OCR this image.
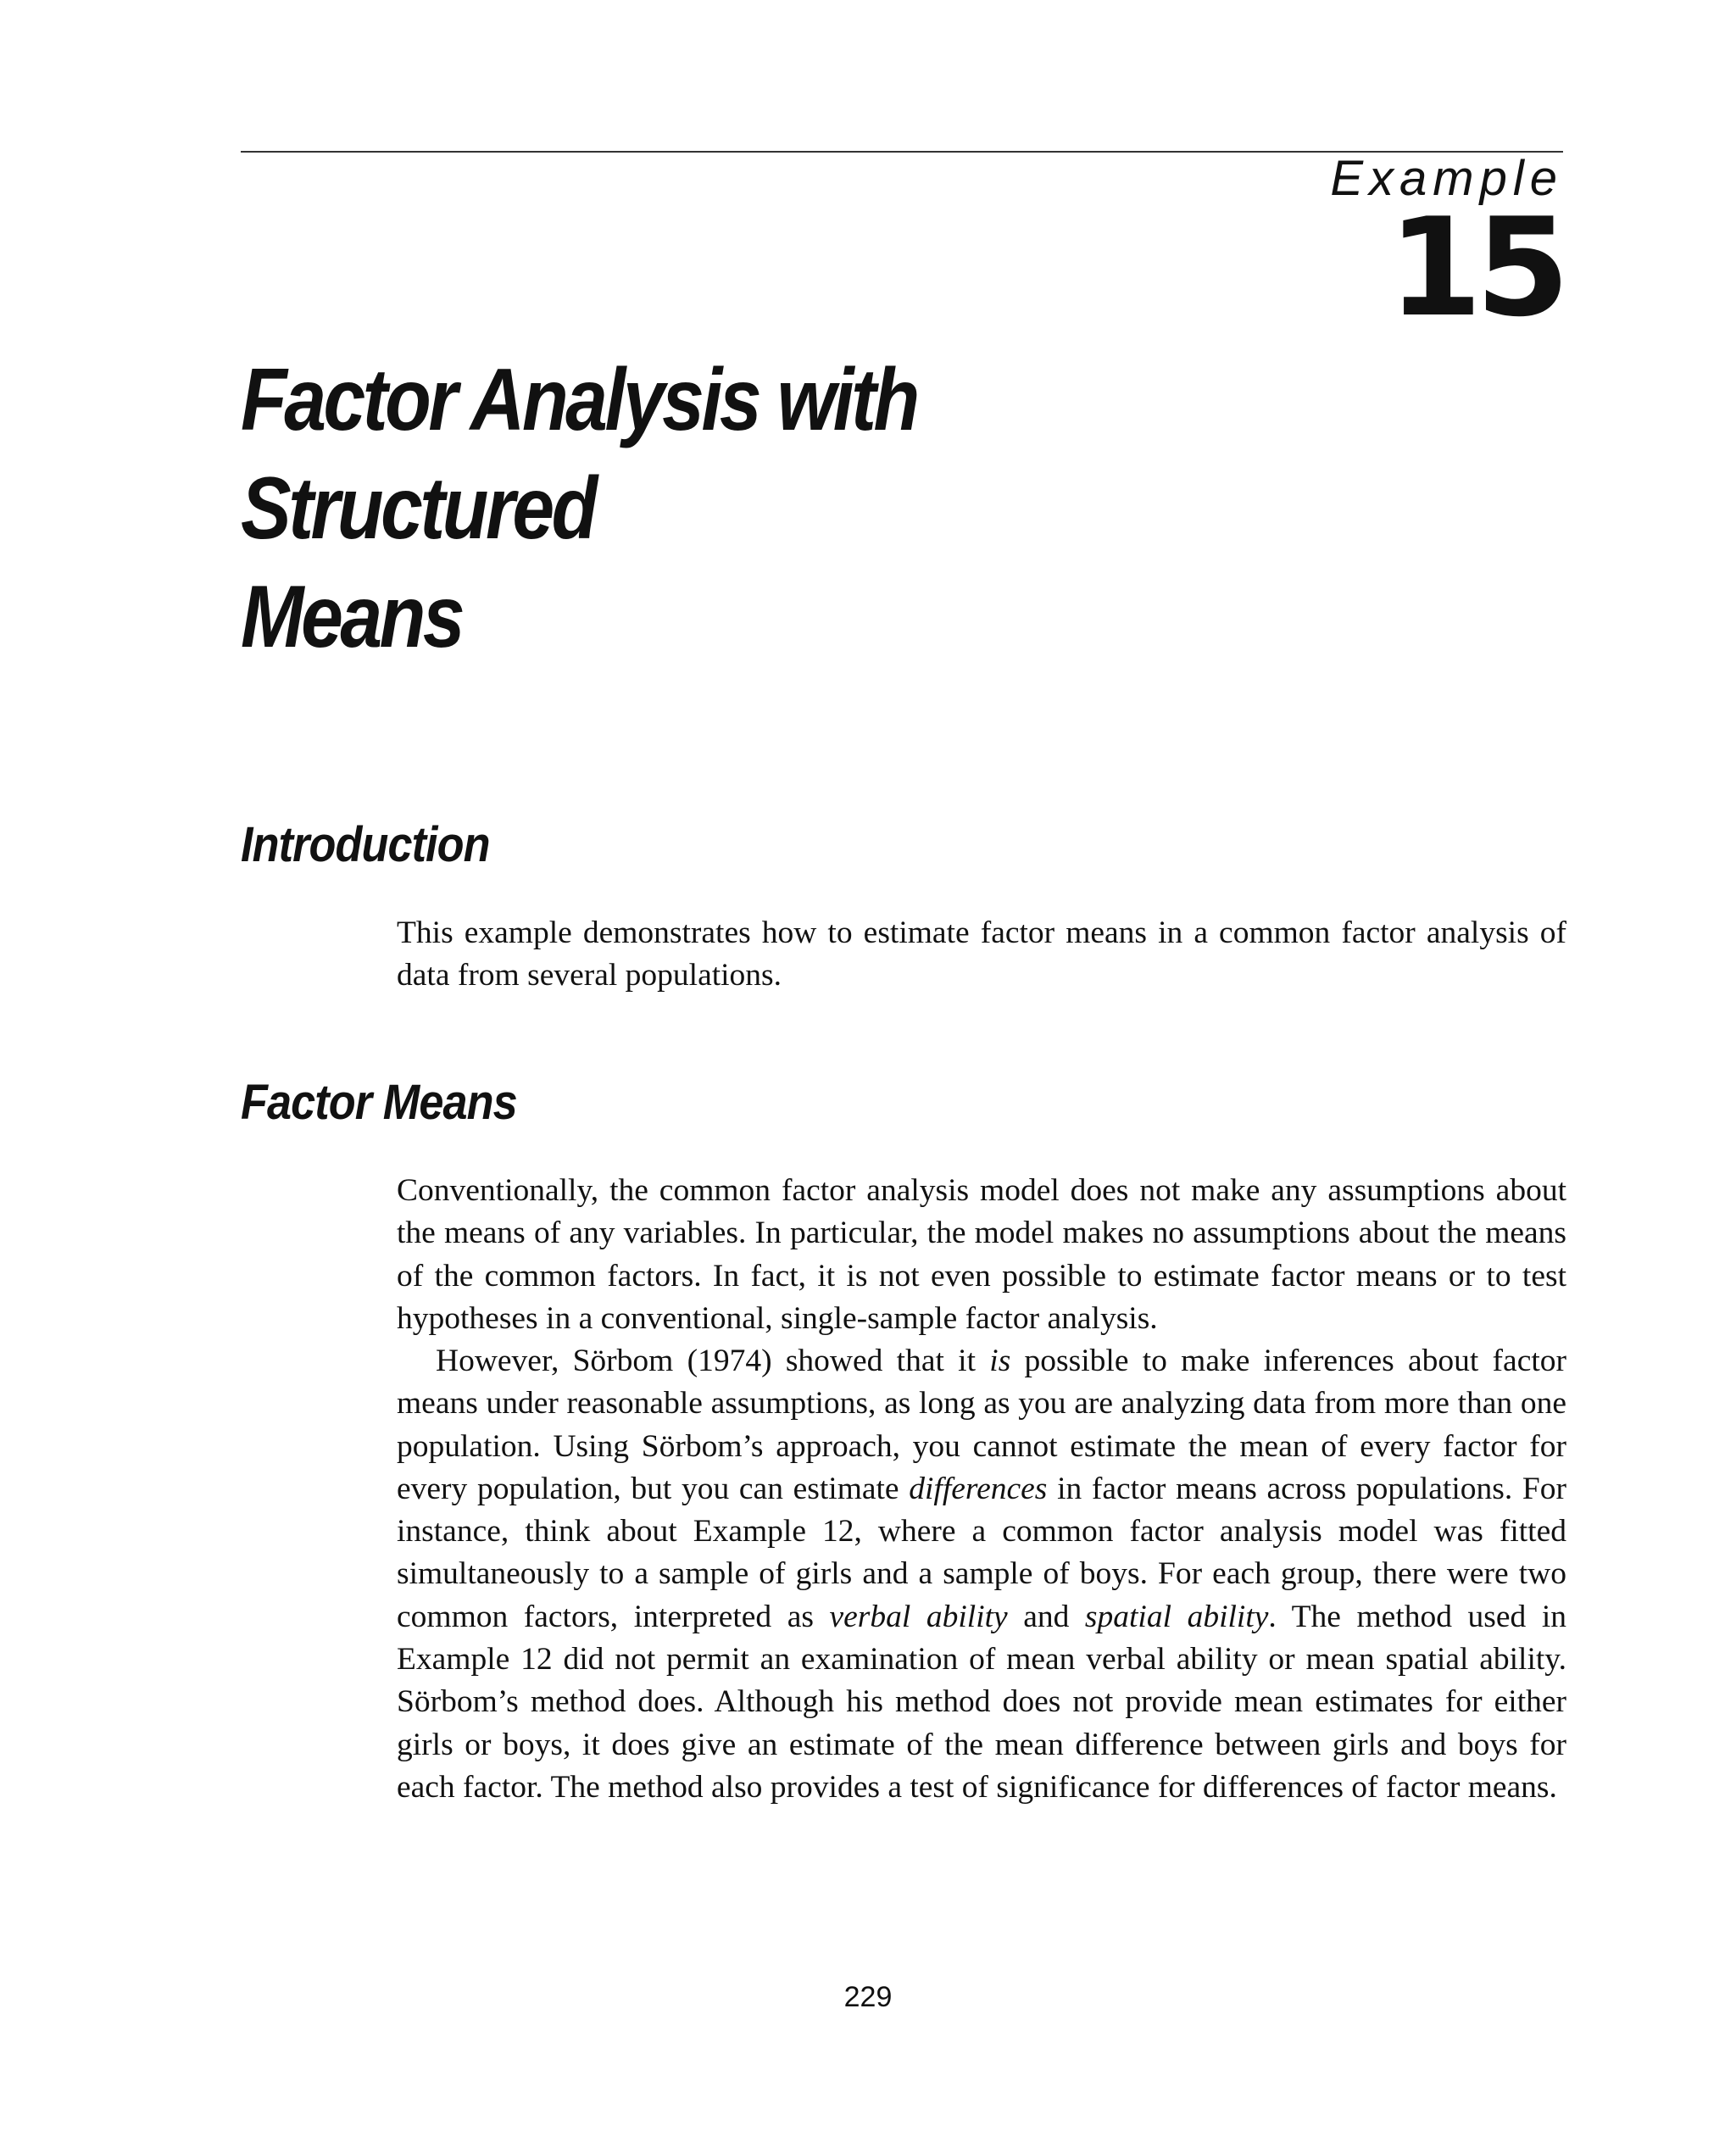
Example
15
Factor Analysis with Structured
Means
Introduction

This example demonstrates how to estimate factor means in a common factor analysis of data from several populations.

Factor Means

Conventionally, the common factor analysis model does not make any assumptions about the means of any variables. In particular, the model makes no assumptions about the means of the common factors. In fact, it is not even possible to estimate factor means or to test hypotheses in a conventional, single-sample factor analysis.

However, Sörbom (1974) showed that it is possible to make inferences about factor means under reasonable assumptions, as long as you are analyzing data from more than one population. Using Sörbom’s approach, you cannot estimate the mean of every factor for every population, but you can estimate differences in factor means across populations. For instance, think about Example 12, where a common factor analysis model was fitted simultaneously to a sample of girls and a sample of boys. For each group, there were two common factors, interpreted as verbal ability and spatial ability. The method used in Example 12 did not permit an examination of mean verbal ability or mean spatial ability. Sörbom’s method does. Although his method does not provide mean estimates for either girls or boys, it does give an estimate of the mean difference between girls and boys for each factor. The method also provides a test of significance for differences of factor means.

229
